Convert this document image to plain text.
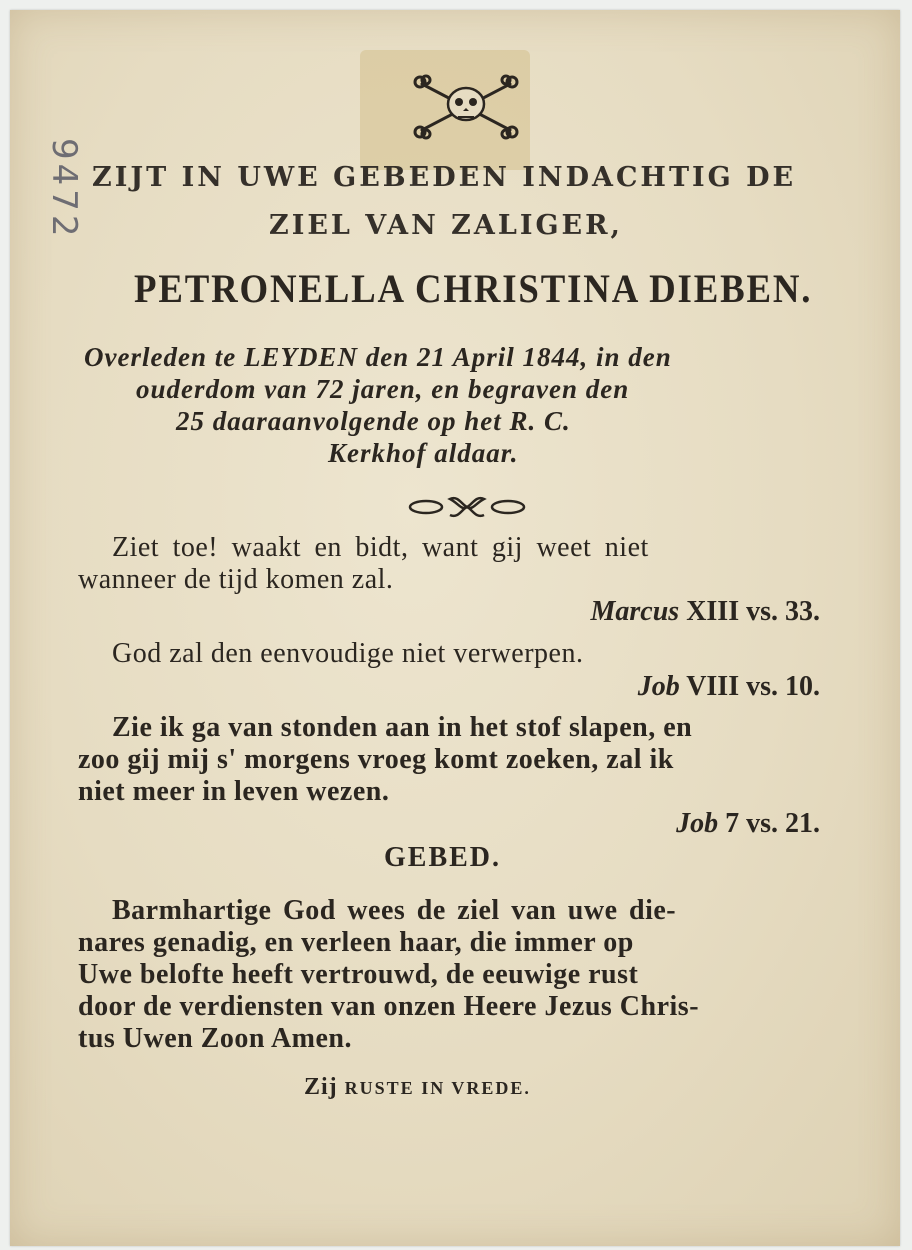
9472 ZIJT IN UWE GEBEDEN INDACHTIG DE
ZIEL VAN ZALIGER,
PETRONELLA CHRISTINA DIEBEN.
Overleden te LEYDEN den 21 April 1844, in den
ouderdom van 72 jaren, en begraven den
25 daaraanvolgende op het R. C.
Kerkhof aldaar.
Ziet toe! waakt en bidt, want gij weet niet
wanneer de tijd komen zal.
Marcus XIII vs. 33.
God zal den eenvoudige niet verwerpen.
Job VIII vs. 10.
Zie ik ga van stonden aan in het stof slapen, en
zoo gij mij s' morgens vroeg komt zoeken, zal ik
niet meer in leven wezen.
Job 7 vs. 21.
GEBED.
Barmhartige God wees de ziel van uwe die-
nares genadig, en verleen haar, die immer op
Uwe belofte heeft vertrouwd, de eeuwige rust
door de verdiensten van onzen Heere Jezus Chris-
tus Uwen Zoon Amen.
Zij RUSTE IN VREDE.
